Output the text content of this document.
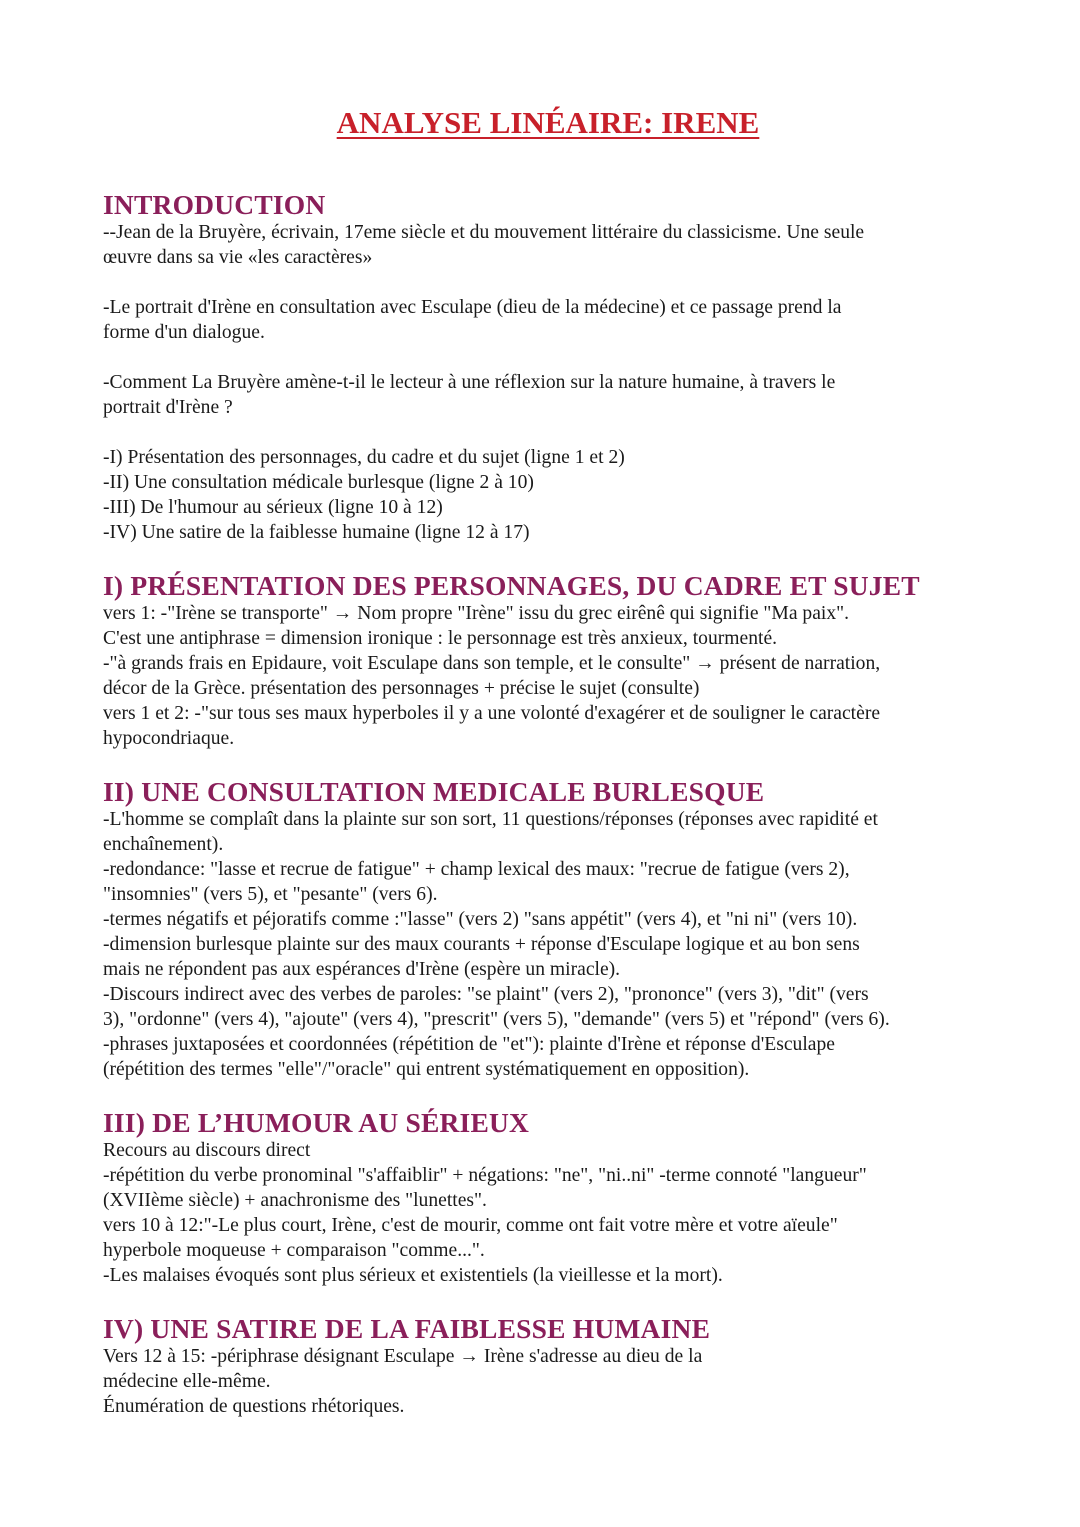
ANALYSE LINÉAIRE: IRENE
INTRODUCTION

--Jean de la Bruyère, écrivain, 17eme siècle et du mouvement littéraire du classicisme. Une seule

œuvre dans sa vie «les caractères»

-Le portrait d'Irène en consultation avec Esculape (dieu de la médecine) et ce passage prend la

forme d'un dialogue.

-Comment La Bruyère amène-t-il le lecteur à une réflexion sur la nature humaine, à travers le

portrait d'Irène ?

-I) Présentation des personnages, du cadre et du sujet (ligne 1 et 2)

-II) Une consultation médicale burlesque (ligne 2 à 10)

-III) De l'humour au sérieux (ligne 10 à 12)

-IV) Une satire de la faiblesse humaine (ligne 12 à 17)

I) PRÉSENTATION DES PERSONNAGES, DU CADRE ET SUJET

vers 1: -"Irène se transporte" → Nom propre "Irène" issu du grec eirênê qui signifie "Ma paix".

C'est une antiphrase = dimension ironique : le personnage est très anxieux, tourmenté.

-"à grands frais en Epidaure, voit Esculape dans son temple, et le consulte" → présent de narration,

décor de la Grèce. présentation des personnages + précise le sujet (consulte)

vers 1 et 2: -"sur tous ses maux hyperboles il y a une volonté d'exagérer et de souligner le caractère

hypocondriaque.

II) UNE CONSULTATION MEDICALE BURLESQUE

-L'homme se complaît dans la plainte sur son sort, 11 questions/réponses (réponses avec rapidité et

enchaînement).

-redondance: "lasse et recrue de fatigue" + champ lexical des maux: "recrue de fatigue (vers 2),

"insomnies" (vers 5), et "pesante" (vers 6).

-termes négatifs et péjoratifs comme :"lasse" (vers 2) "sans appétit" (vers 4), et "ni ni" (vers 10).

-dimension burlesque plainte sur des maux courants + réponse d'Esculape logique et au bon sens

mais ne répondent pas aux espérances d'Irène (espère un miracle).

-Discours indirect avec des verbes de paroles: "se plaint" (vers 2), "prononce" (vers 3), "dit" (vers

3), "ordonne" (vers 4), "ajoute" (vers 4), "prescrit" (vers 5), "demande" (vers 5) et "répond" (vers 6).

-phrases juxtaposées et coordonnées (répétition de "et"): plainte d'Irène et réponse d'Esculape

(répétition des termes "elle"/"oracle" qui entrent systématiquement en opposition).

III) DE L’HUMOUR AU SÉRIEUX

Recours au discours direct

-répétition du verbe pronominal "s'affaiblir" + négations: "ne", "ni..ni" -terme connoté "langueur"

(XVIIème siècle) + anachronisme des "lunettes".

vers 10 à 12:"-Le plus court, Irène, c'est de mourir, comme ont fait votre mère et votre aïeule"

hyperbole moqueuse + comparaison "comme...".

-Les malaises évoqués sont plus sérieux et existentiels (la vieillesse et la mort).

IV) UNE SATIRE DE LA FAIBLESSE HUMAINE

Vers 12 à 15: -périphrase désignant Esculape → Irène s'adresse au dieu de la

médecine elle-même.

Énumération de questions rhétoriques.
